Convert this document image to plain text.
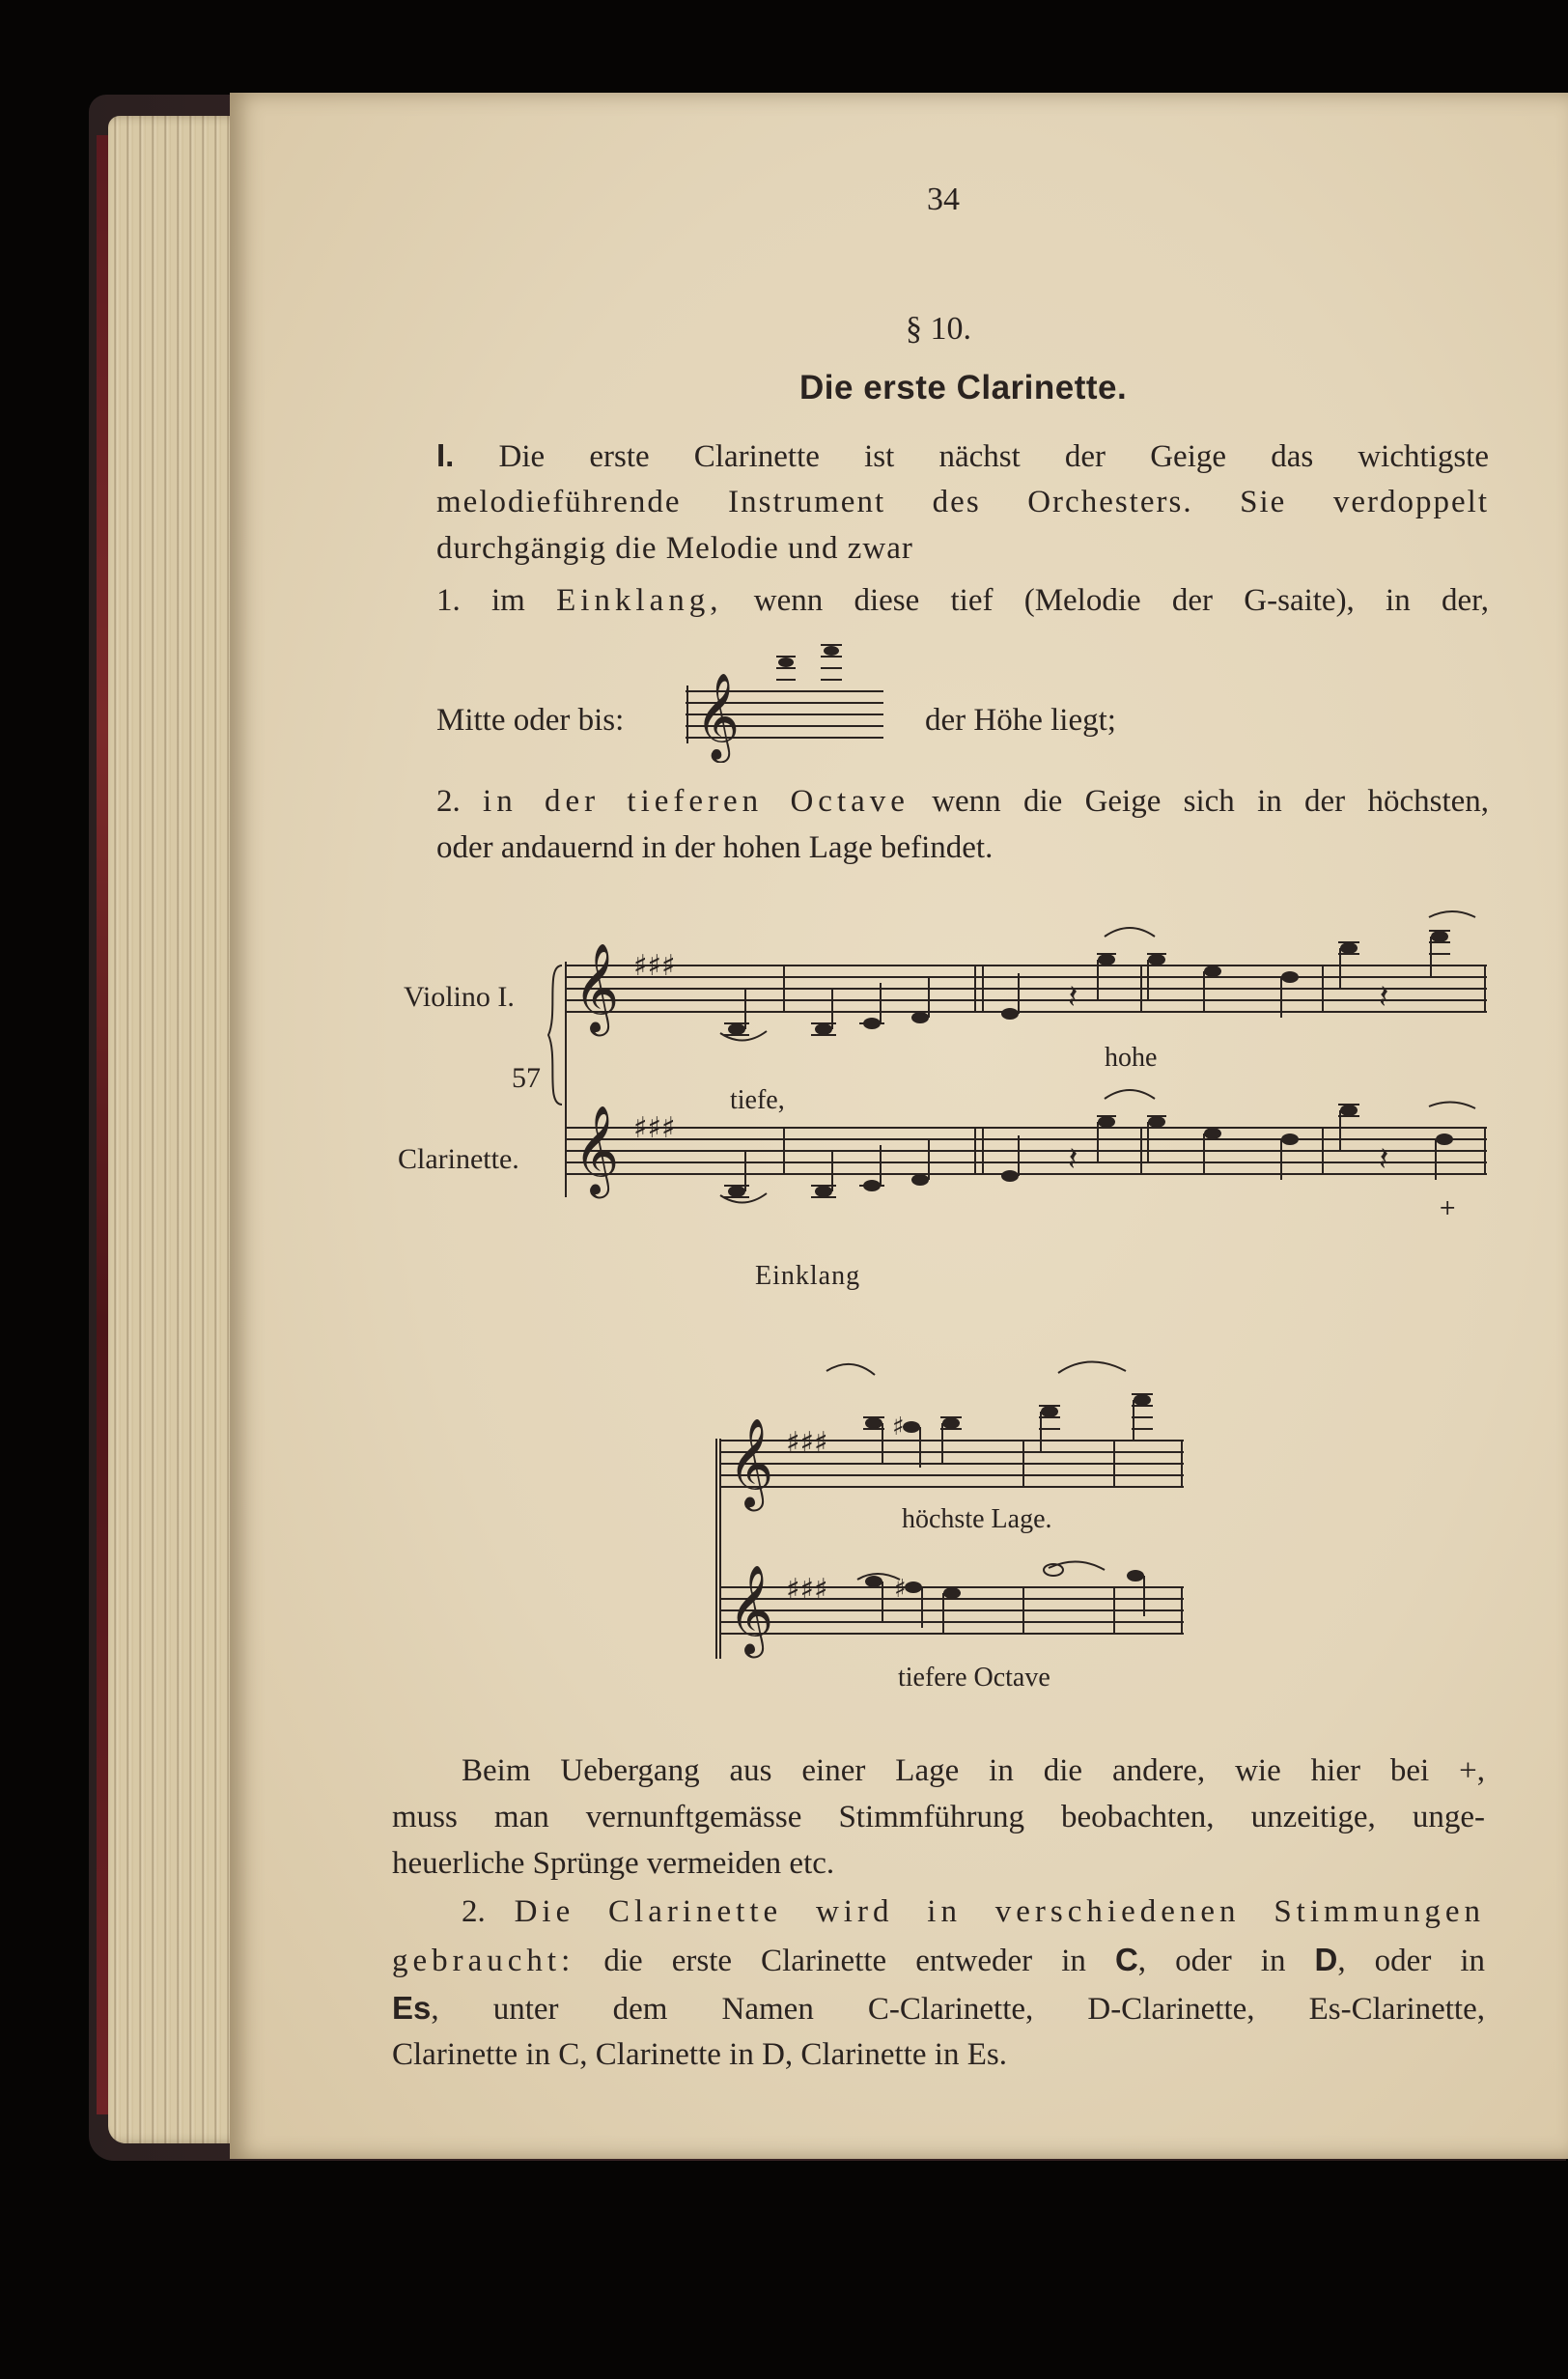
34
§ 10.
Die erste Clarinette.
I. Die erste Clarinette ist nächst der Geige das wichtigste
melodieführende Instrument des Orchesters. Sie verdoppelt
durchgängig die Melodie und zwar
1. im Einklang, wenn diese tief (Melodie der G-saite), in der,
Mitte oder bis:	der Höhe liegt;
𝄞
2. in der tieferen Octave wenn die Geige sich in der höchsten,
oder andauernd in der hohen Lage befindet.
Violino I.
57
Clarinette.
𝄞
𝄞
♯♯♯
♯♯♯
𝄽
𝄽
𝄽
𝄽
+
tiefe,
hohe
Einklang
𝄞
𝄞
♯♯♯
♯♯♯
♯
♯
höchste Lage.
tiefere Octave
Beim Uebergang aus einer Lage in die andere, wie hier bei +,
muss man vernunftgemässe Stimmführung beobachten, unzeitige, unge-
heuerliche Sprünge vermeiden etc.
2. Die Clarinette wird in verschiedenen Stimmungen
gebraucht: die erste Clarinette entweder in C, oder in D, oder in
Es, unter dem Namen C-Clarinette, D-Clarinette, Es-Clarinette,
Clarinette in C, Clarinette in D, Clarinette in Es.
